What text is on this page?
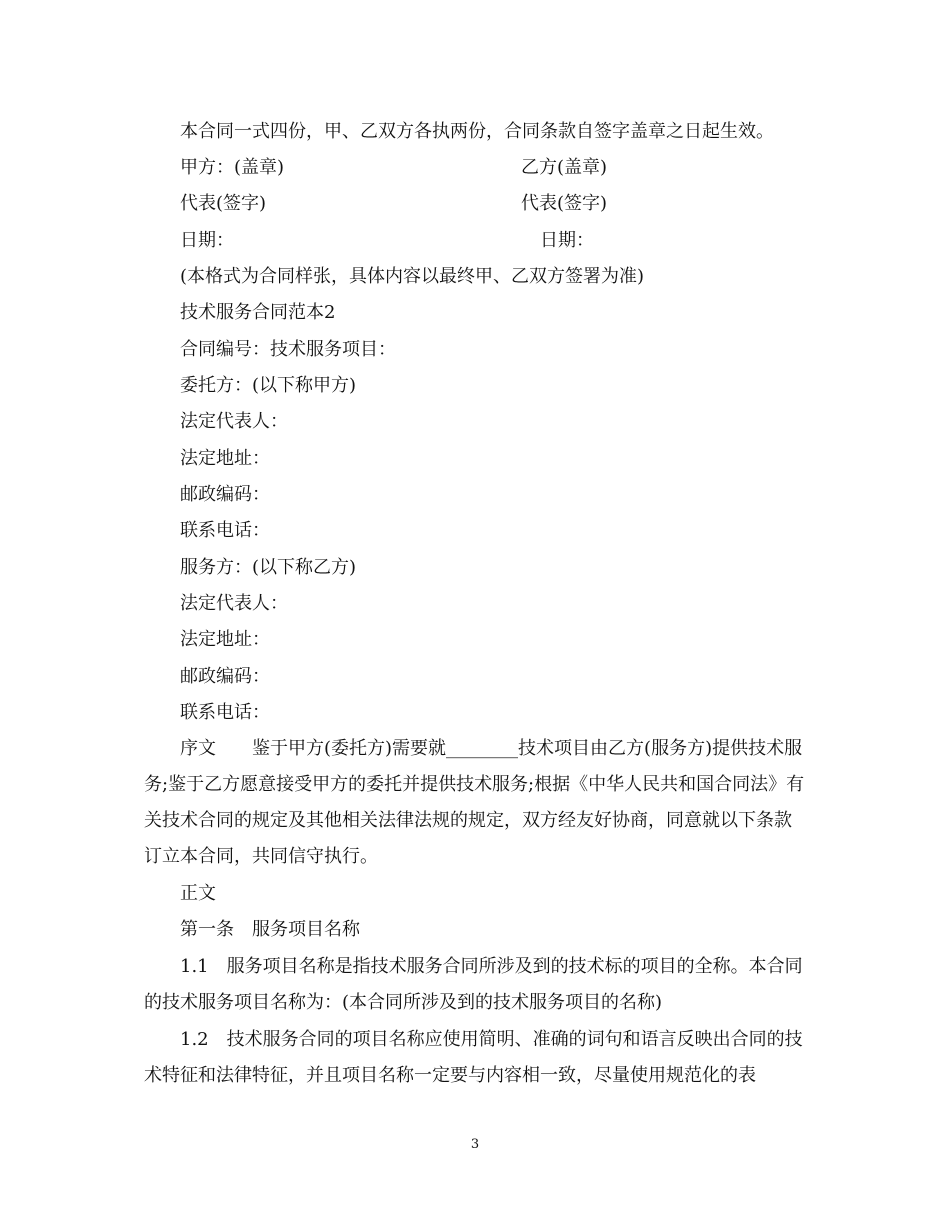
本合同一式四份，甲、乙双方各执两份，合同条款自签字盖章之日起生效。
甲方：(盖章)	乙方(盖章)
代表(签字)	代表(签字)
日期：	日期：
(本格式为合同样张，具体内容以最终甲、乙双方签署为准)
技术服务合同范本2
合同编号：技术服务项目：
委托方：(以下称甲方)
法定代表人：
法定地址：
邮政编码：
联系电话：
服务方：(以下称乙方)
法定代表人：
法定地址：
邮政编码：
联系电话：
序文　　鉴于甲方(委托方)需要就________技术项目由乙方(服务方)提供技术服务;鉴于乙方愿意接受甲方的委托并提供技术服务;根据《中华人民共和国合同法》有关技术合同的规定及其他相关法律法规的规定，双方经友好协商，同意就以下条款订立本合同，共同信守执行。
正文
第一条　服务项目名称
1.1　服务项目名称是指技术服务合同所涉及到的技术标的项目的全称。本合同的技术服务项目名称为：(本合同所涉及到的技术服务项目的名称)
1.2　技术服务合同的项目名称应使用简明、准确的词句和语言反映出合同的技术特征和法律特征，并且项目名称一定要与内容相一致，尽量使用规范化的表
3
